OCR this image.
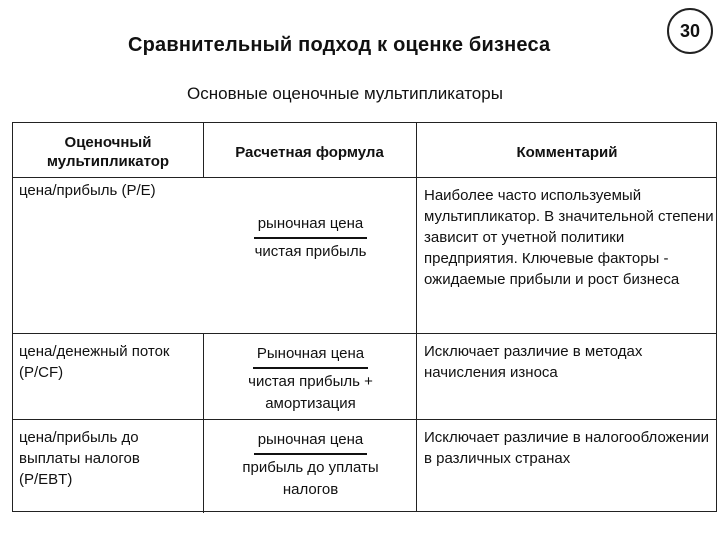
Сравнительный подход к оценке бизнеса
30
Основные оценочные мультипликаторы
Оценочный мультипликатор
Расчетная формула	Комментарий
цена/прибыль (P/E)
рыночная цена
чистая прибыль
Наиболее часто используемый мультипликатор. В значительной степени зависит от учетной политики предприятия. Ключевые факторы - ожидаемые прибыли и рост бизнеса
цена/денежный поток (P/CF)
Рыночная цена
чистая прибыль + амортизация
Исключает различие в методах начисления износа
цена/прибыль до выплаты налогов (P/EBT)
рыночная цена
прибыль до уплаты налогов
Исключает различие в налогообложении в различных странах
